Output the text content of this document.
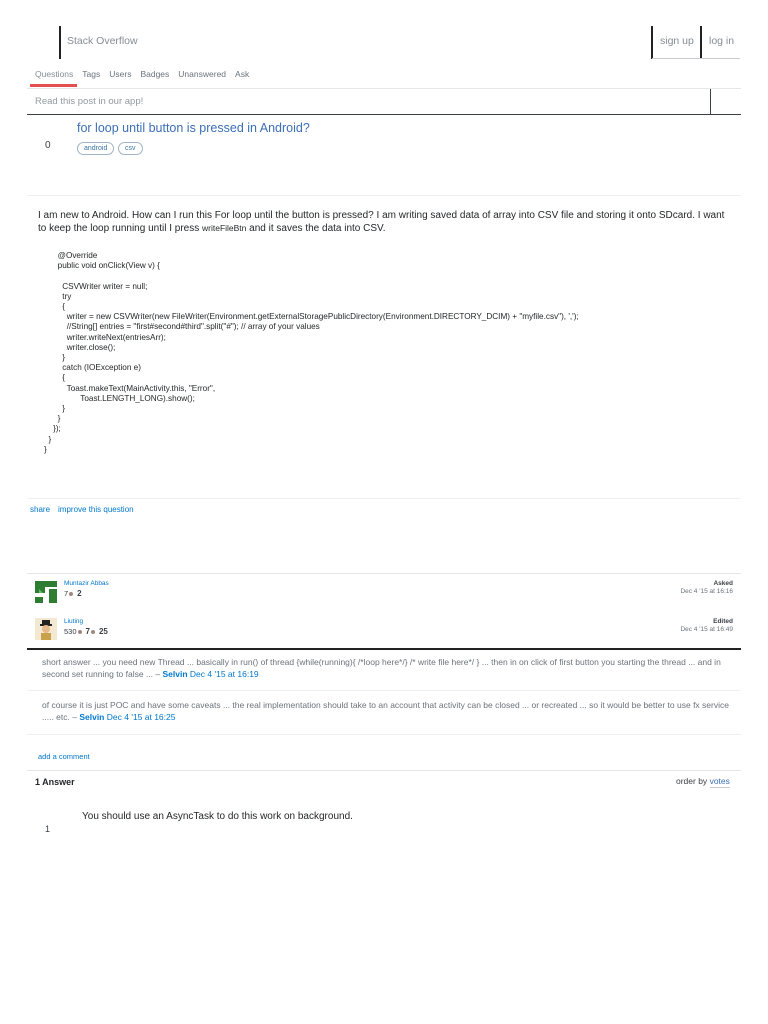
Stack Overflow	sign up	log in
Questions Tags Users Badges Unanswered Ask
Read this post in our app!
for loop until button is pressed in Android?
0	android	csv
I am new to Android. How can I run this For loop until the button is pressed? I am writing saved data of array into CSV file and storing it onto SDcard. I want to keep the loop running until I press writeFileBtn and it saves the data into CSV.
@Override
public void onClick(View v) {

CSVWriter writer = null;
try
{
writer = new CSVWriter(new FileWriter(Environment.getExternalStoragePublicDirectory(Environment.DIRECTORY_DCIM) + "myfile.csv"), ',');
//String[] entries = "first#second#third".split("#"); // array of your values
writer.writeNext(entriesArr);
writer.close();
}
catch (IOException e)
{
Toast.makeText(MainActivity.this, "Error",
Toast.LENGTH_LONG).show();
}
}
});
}
}
share improve this question
Muntazir Abbas
7 2
Asked
Dec 4 '15 at 16:16
Liuting
530 7 25
Edited
Dec 4 '15 at 16:49
short answer ... you need new Thread ... basically in run() of thread {while(running){ /*loop here*/} /* write file here*/ } ... then in on click of first button you starting the thread ... and in second set running to false ... – Selvin Dec 4 '15 at 16:19
of course it is just POC and have some caveats ... the real implementation should take to an account that activity can be closed ... or recreated ... so it would be better to use fx service ..... etc. – Selvin Dec 4 '15 at 16:25
add a comment
1 Answer	order by votes
You should use an AsyncTask to do this work on background.
1
